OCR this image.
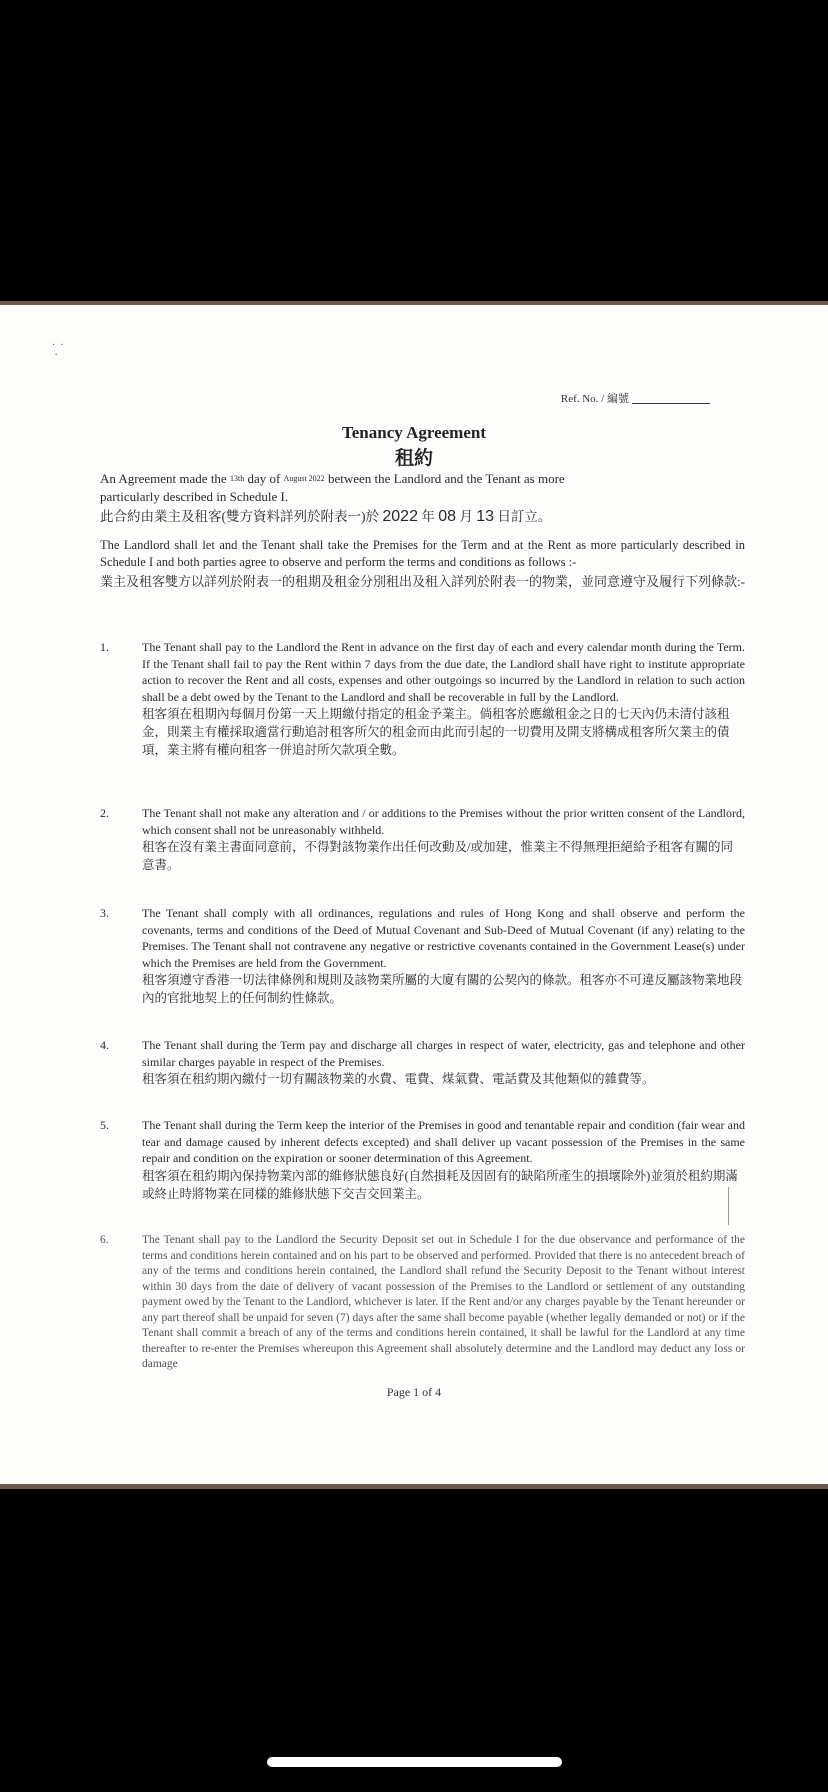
·  ·
·
Ref. No. / 編號
Tenancy Agreement
租約
An Agreement made the 13th day of August 2022 between the Landlord and the Tenant as more particularly described in Schedule I.
此合約由業主及租客(雙方資料詳列於附表一)於 2022 年 08 月 13 日訂立。
The Landlord shall let and the Tenant shall take the Premises for the Term and at the Rent as more particularly described in Schedule I and both parties agree to observe and perform the terms and conditions as follows :-
業主及租客雙方以詳列於附表一的租期及租金分別租出及租入詳列於附表一的物業，並同意遵守及履行下列條款:-
1.	The Tenant shall pay to the Landlord the Rent in advance on the first day of each and every calendar month during the Term. If the Tenant shall fail to pay the Rent within 7 days from the due date, the Landlord shall have right to institute appropriate action to recover the Rent and all costs, expenses and other outgoings so incurred by the Landlord in relation to such action shall be a debt owed by the Tenant to the Landlord and shall be recoverable in full by the Landlord.
租客須在租期內每個月份第一天上期繳付指定的租金予業主。倘租客於應繳租金之日的七天內仍未清付該租金，則業主有權採取適當行動追討租客所欠的租金而由此而引起的一切費用及開支將構成租客所欠業主的債項，業主將有權向租客一併追討所欠款項全數。
2.	The Tenant shall not make any alteration and / or additions to the Premises without the prior written consent of the Landlord, which consent shall not be unreasonably withheld.
租客在沒有業主書面同意前，不得對該物業作出任何改動及/或加建，惟業主不得無理拒絕給予租客有關的同意書。
3.	The Tenant shall comply with all ordinances, regulations and rules of Hong Kong and shall observe and perform the covenants, terms and conditions of the Deed of Mutual Covenant and Sub-Deed of Mutual Covenant (if any) relating to the Premises. The Tenant shall not contravene any negative or restrictive covenants contained in the Government Lease(s) under which the Premises are held from the Government.
租客須遵守香港一切法律條例和規則及該物業所屬的大廈有關的公契內的條款。租客亦不可違反屬該物業地段內的官批地契上的任何制約性條款。
4.	The Tenant shall during the Term pay and discharge all charges in respect of water, electricity, gas and telephone and other similar charges payable in respect of the Premises.
租客須在租約期內繳付一切有關該物業的水費、電費、煤氣費、電話費及其他類似的雜費等。
5.	The Tenant shall during the Term keep the interior of the Premises in good and tenantable repair and condition (fair wear and tear and damage caused by inherent defects excepted) and shall deliver up vacant possession of the Premises in the same repair and condition on the expiration or sooner determination of this Agreement.
租客須在租約期內保持物業內部的維修狀態良好(自然損耗及因固有的缺陷所產生的損壞除外)並須於租約期滿或終止時將物業在同樣的維修狀態下交吉交回業主。
6.	The Tenant shall pay to the Landlord the Security Deposit set out in Schedule I for the due observance and performance of the terms and conditions herein contained and on his part to be observed and performed. Provided that there is no antecedent breach of any of the terms and conditions herein contained, the Landlord shall refund the Security Deposit to the Tenant without interest within 30 days from the date of delivery of vacant possession of the Premises to the Landlord or settlement of any outstanding payment owed by the Tenant to the Landlord, whichever is later. If the Rent and/or any charges payable by the Tenant hereunder or any part thereof shall be unpaid for seven (7) days after the same shall become payable (whether legally demanded or not) or if the Tenant shall commit a breach of any of the terms and conditions herein contained, it shall be lawful for the Landlord at any time thereafter to re-enter the Premises whereupon this Agreement shall absolutely determine and the Landlord may deduct any loss or damage
Page 1 of 4
